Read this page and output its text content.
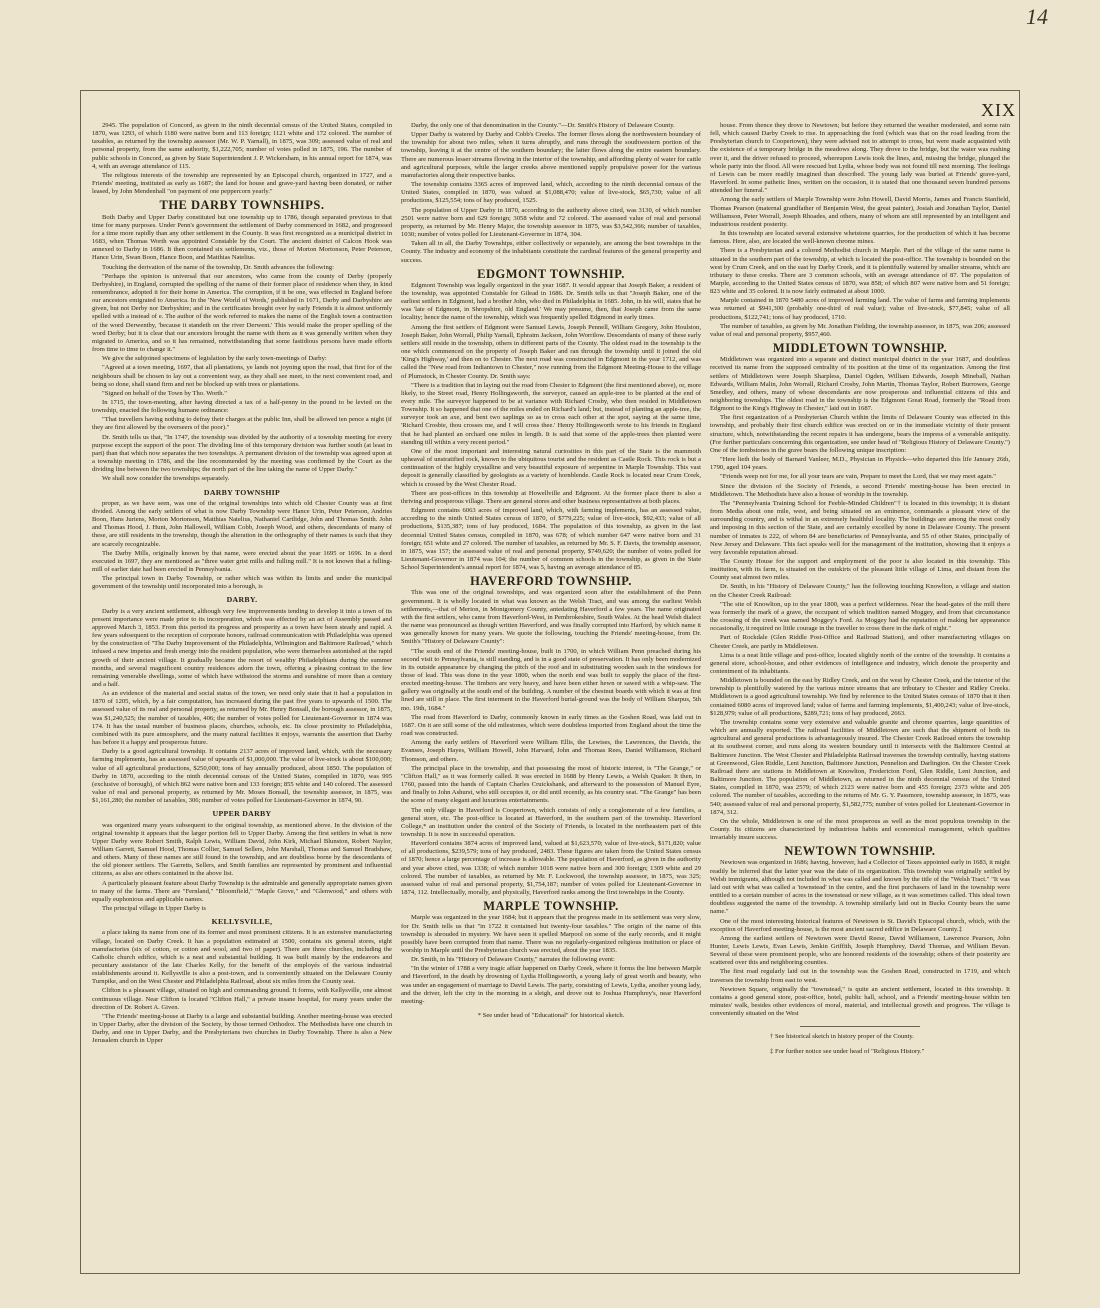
14
XIX

2945. The population of Concord, as given in the ninth decennial census of the United States, compiled in 1870, was 1293, of which 1180 were native born and 113 foreign; 1121 white and 172 colored. The number of taxables, as returned by the township assessor (Mr. W. P. Yarnall), in 1875, was 309; assessed value of real and personal property, from the same authority, $1,222,705; number of votes polled in 1875, 196. The number of public schools in Concord, as given by State Superintendent J. P. Wickersham, in his annual report for 1874, was 4, with an average attendance of 115.

The religious interests of the township are represented by an Episcopal church, organized in 1727, and a Friends' meeting, instituted as early as 1687; the land for house and grave-yard having been donated, or rather leased, by John Mendenhall "on payment of one peppercorn yearly."

THE DARBY TOWNSHIPS.

Both Darby and Upper Darby constituted but one township up to 1786, though separated previous to that time for many purposes. Under Penn's government the settlement of Darby commenced in 1682, and progressed for a time more rapidly than any other settlement in the County. It was first recognized as a municipal district in 1683, when Thomas Worth was appointed Constable by the Court. The ancient district of Calcon Hook was annexed to Darby in 1686. It then contained six settlements, viz., those of Morton Mortonson, Peter Peterson, Hance Urin, Swan Boon, Hance Boon, and Matthias Natelius.

Touching the derivation of the name of the township, Dr. Smith advances the following:

"Perhaps the opinion is universal that our ancestors, who came from the county of Derby (properly Derbyshire), in England, corrupted the spelling of the name of their former place of residence when they, in kind remembrance, adopted it for their home in America. The corruption, if it be one, was effected in England before our ancestors emigrated to America. In the 'New World of Words,' published in 1671, Darby and Darbyshire are given, but not Derby nor Derbyshire; and in the certificates brought over by early Friends it is almost uniformly spelled with a instead of e. The author of the work referred to makes the name of the English town a contraction of the word Derwentby, 'because it standeth on the river Derwent.' This would make the proper spelling of the word Derby; but it is clear that our ancestors brought the name with them as it was generally written when they migrated to America, and so it has remained, notwithstanding that some fastidious persons have made efforts from time to time to change it."

We give the subjoined specimens of legislation by the early town-meetings of Darby:

"Agreed at a town meeting, 1697, that all plantations, ye lands not joyning upon the road, that first for of the neighbours shall be chosen to lay out a convenient way, as they shall see meet, to the next convenient road, and being so done, shall stand firm and not be blocked up with trees or plantations.

"Signed on behalf of the Town by Tho. Worth."

In 1715, the town-meeting, after having directed a tax of a half-penny in the pound to be levied on the township, enacted the following humane ordinance:

"That travellers having nothing to defray their charges at the public Inn, shall be allowed ten pence a night (if they are first allowed by the overseers of the poor)."

Dr. Smith tells us that, "In 1747, the township was divided by the authority of a township meeting for every purpose except the support of the poor. The dividing line of this temporary division was further south (at least in part) than that which now separates the two townships. A permanent division of the township was agreed upon at a township meeting in 1786, and the line recommended by the meeting was confirmed by the Court as the dividing line between the two townships; the north part of the line taking the name of Upper Darby."

We shall now consider the townships separately.

DARBY TOWNSHIP

proper, as we have seen, was one of the original townships into which old Chester County was at first divided. Among the early settlers of what is now Darby Township were Hance Urin, Peter Peterson, Andries Boon, Hans Juriens, Morton Mortonson, Matthias Natelius, Nathaniel Cartlidge, John and Thomas Smith. John and Thomas Hood, J. Hunt, John Hallowell, William Cobb, Joseph Wood, and others, descendants of many of these, are still residents in the township, though the alteration in the orthography of their names is such that they are scarcely recognizable.

The Darby Mills, originally known by that name, were erected about the year 1695 or 1696. In a deed executed in 1697, they are mentioned as "three water grist mills and fulling mill." It is not known that a fulling-mill of earlier date had been erected in Pennsylvania.

The principal town in Darby Township, or rather which was within its limits and under the municipal government of the township until incorporated into a borough, is

DARBY.

Darby is a very ancient settlement, although very few improvements tending to develop it into a town of its present importance were made prior to its incorporation, which was effected by an act of Assembly passed and approved March 3, 1853. From this period its progress and prosperity as a town have been steady and rapid. A few years subsequent to the reception of corporate honors, railroad communication with Philadelphia was opened by the construction of "The Darby Improvement of the Philadelphia, Wilmington and Baltimore Railroad," which infused a new impetus and fresh energy into the resident population, who were themselves astonished at the rapid growth of their ancient village. It gradually became the resort of wealthy Philadelphians during the summer months, and several magnificent country residences adorn the town, offering a pleasing contrast to the few remaining venerable dwellings, some of which have withstood the storms and sunshine of more than a century and a half.

As an evidence of the material and social status of the town, we need only state that it had a population in 1870 of 1205, which, by a fair computation, has increased during the past five years to upwards of 1500. The assessed value of its real and personal property, as returned by Mr. Henry Bonsall, the borough assessor, in 1875, was $1,240,525; the number of taxables, 406; the number of votes polled for Lieutenant-Governor in 1874 was 174. It has the usual number of business places, churches, schools, etc. Its close proximity to Philadelphia, combined with its pure atmosphere, and the many natural facilities it enjoys, warrants the assertion that Darby has before it a happy and prosperous future.

Darby is a good agricultural township. It contains 2137 acres of improved land, which, with the necessary farming implements, has an assessed value of upwards of $1,000,000. The value of live-stock is about $100,000; value of all agricultural productions, $250,000; tons of hay annually produced, about 1850. The population of Darby in 1870, according to the ninth decennial census of the United States, compiled in 1870, was 995 (exclusive of borough), of which 862 were native born and 133 foreign; 855 white and 140 colored. The assessed value of real and personal property, as returned by Mr. Moses Bonsall, the township assessor, in 1875, was $1,161,280; the number of taxables, 306; number of votes polled for Lieutenant-Governor in 1874, 90.

UPPER DARBY

was organized many years subsequent to the original township, as mentioned above. In the division of the original township it appears that the larger portion fell to Upper Darby. Among the first settlers in what is now Upper Darby were Robert Smith, Ralph Lewis, William David, John Kirk, Michael Blunston, Robert Naylor, William Garrett, Samuel Hood, Thomas Collier, Samuel Sellers, John Marshall, Thomas and Samuel Bradshaw, and others. Many of these names are still found in the township, and are doubtless borne by the descendants of the old pioneer settlers. The Garretts, Sellers, and Smith families are represented by prominent and influential citizens, as also are others contained in the above list.

A particularly pleasant feature about Darby Township is the admirable and generally appropriate names given to many of the farms. There are "Fernland," "Bloomfield," "Maple Grove," and "Glenwood," and others with equally euphonious and applicable names.

The principal village in Upper Darby is

KELLYSVILLE,

a place taking its name from one of its former and most prominent citizens. It is an extensive manufacturing village, located on Darby Creek. It has a population estimated at 1500, contains six general stores, eight manufactories (six of cotton, or cotton and wool, and two of paper). There are three churches, including the Catholic church edifice, which is a neat and substantial building. It was built mainly by the endeavors and pecuniary assistance of the late Charles Kelly, for the benefit of the employés of the various industrial establishments around it. Kellysville is also a post-town, and is conveniently situated on the Delaware County Turnpike, and on the West Chester and Philadelphia Railroad, about six miles from the County seat.

Clifton is a pleasant village, situated on high and commanding ground. It forms, with Kellysville, one almost continuous village. Near Clifton is located "Clifton Hall," a private insane hospital, for many years under the direction of Dr. Robert A. Given.

"The Friends' meeting-house at Darby is a large and substantial building. Another meeting-house was erected in Upper Darby, after the division of the Society, by those termed Orthodox. The Methodists have one church in Darby, and one in Upper Darby, and the Presbyterians two churches in Darby Township. There is also a New Jerusalem church in Upper

Darby, the only one of that denomination in the County."—Dr. Smith's History of Delaware County.

Upper Darby is watered by Darby and Cobb's Creeks. The former flows along the northwestern boundary of the township for about two miles, when it turns abruptly, and runs through the southwestern portion of the township, leaving it at the centre of the southern boundary; the latter flows along the entire eastern boundary. There are numerous lesser streams flowing in the interior of the township, and affording plenty of water for cattle and agricultural purposes, while the larger creeks above mentioned supply propulsive power for the various manufactories along their respective banks.

The township contains 3365 acres of improved land, which, according to the ninth decennial census of the United States, compiled in 1870, was valued at $1,088,470; value of live-stock, $65,730; value of all productions, $125,554; tons of hay produced, 1525.

The population of Upper Darby in 1870, according to the authority above cited, was 3130, of which number 2501 were native born and 629 foreign; 3058 white and 72 colored. The assessed value of real and personal property, as returned by Mr. Henry Major, the township assessor in 1875, was $3,542,366; number of taxables, 1030; number of votes polled for Lieutenant-Governor in 1874, 304.

Taken all in all, the Darby Townships, either collectively or separately, are among the best townships in the County. The industry and economy of the inhabitants constitute the cardinal features of the general prosperity and success.

EDGMONT TOWNSHIP.

Edgmont Township was legally organized in the year 1687. It would appear that Joseph Baker, a resident of the township, was appointed Constable for Gilead in 1686. Dr. Smith tells us that "Joseph Baker, one of the earliest settlers in Edgmont, had a brother John, who died in Philadelphia in 1685. John, in his will, states that he was 'late of Edgmont, in Shropshire, old England.' We may presume, then, that Joseph came from the same locality; hence the name of the township, which was frequently spelled Edgmond in early times.

Among the first settlers of Edgmont were Samuel Lewis, Joseph Pennell, William Gregory, John Houlston, Joseph Baker, John Worrall, Philip Yarnall, Ephraim Jackson, John Worrilow. Descendants of many of these early settlers still reside in the township, others in different parts of the County. The oldest road in the township is the one which commenced on the property of Joseph Baker and ran through the township until it joined the old 'King's Highway,' and then on to Chester. The next road was constructed in Edgmont in the year 1712, and was called the "New road from Indiantown to Chester," now running from the Edgmont Meeting-House to the village of Plumstock, in Chester County. Dr. Smith says:

"There is a tradition that in laying out the road from Chester to Edgmont (the first mentioned above), or, more likely, to the Street road, Henry Hollingsworth, the surveyor, caused an apple-tree to be planted at the end of every mile. The surveyor happened to be at variance with Richard Crosby, who then resided in Middletown Township. It so happened that one of the miles ended on Richard's land; but, instead of planting an apple-tree, the surveyor took an axe, and bent two saplings so as to cross each other at the spot, saying at the same time, 'Richard Crosbie, thou crosses me, and I will cross thee.' Henry Hollingsworth wrote to his friends in England that he had planted an orchard one miles in length. It is said that some of the apple-trees then planted were standing till within a very recent period."

One of the most important and interesting natural curiosities in this part of the State is the mammoth upheaval of unstratified rock, known to the ubiquitous tourist and the resident as Castle Rock. This rock is but a continuation of the highly crystalline and very beautiful exposure of serpentine in Marple Township. This vast deposit is generally classified by geologists as a variety of hornblende. Castle Rock is located near Crum Creek, which is crossed by the West Chester Road.

There are post-offices in this township at Howellville and Edgmont. At the former place there is also a thriving and prosperous village. There are general stores and other business representatives at both places.

Edgmont contains 6063 acres of improved land, which, with farming implements, has an assessed value, according to the ninth United States census of 1870, of $779,225; value of live-stock, $92,433; value of all productions, $135,387; tons of hay produced, 1684. The population of this township, as given in the last decennial United States census, compiled in 1870, was 678; of which number 647 were native born and 31 foreign; 651 white and 27 colored. The number of taxables, as returned by Mr. S. F. Davis, the township assessor, in 1875, was 157; the assessed value of real and personal property, $749,620; the number of votes polled for Lieutenant-Governor in 1874 was 104; the number of common schools in the township, as given in the State School Superintendent's annual report for 1874, was 5, having an average attendance of 85.

HAVERFORD TOWNSHIP.

This was one of the original townships, and was organized soon after the establishment of the Penn government. It is wholly located in what was known as the Welsh Tract, and was among the earliest Welsh settlements,—that of Merion, in Montgomery County, antedating Haverford a few years. The name originated with the first settlers, who came from Haverford-West, in Pembrokeshire, South Wales. At the head Welsh dialect the name was pronounced as though written Haverford, and was finally corrupted into Harford, by which name it was generally known for many years. We quote the following, touching the Friends' meeting-house, from Dr. Smith's "History of Delaware County":

"The south end of the Friends' meeting-house, built in 1700, in which William Penn preached during his second visit to Pennsylvania, is still standing, and is in a good state of preservation. It has only been modernized in its outside appearance by changing the pitch of the roof and in substituting wooden sash in the windows for those of lead. This was done in the year 1800, when the north end was built to supply the place of the first-erected meeting-house. The timbers are very heavy, and have been either hewn or sawed with a whip-saw. The gallery was originally at the south end of the building. A number of the chestnut boards with which it was at first lined are still in place. The first interment in the Haverford burial-ground was the body of William Sharpus, 5th mo. 19th, 1684."

The road from Haverford to Darby, commonly known in early times as the Goshen Road, was laid out in 1687. On it are still some of the old milestones, which were doubtless imported from England about the time the road was constructed.

Among the early settlers of Haverford were William Ellis, the Lewises, the Lawrences, the Davids, the Evanses, Joseph Hayes, William Howell, John Harvard, John and Thomas Rees, Daniel Williamson, Richard Thomson, and others.

The principal place in the township, and that possessing the most of historic interest, is "The Grange," or "Clifton Hall," as it was formerly called. It was erected in 1688 by Henry Lewis, a Welsh Quaker. It then, in 1760, passed into the hands of Captain Charles Cruickshank, and afterward to the possession of Manuel Eyre, and finally to John Ashurst, who still occupies it, or did until recently, as his country seat. "The Grange" has been the scene of many elegant and luxurious entertainments.

The only village in Haverford is Coopertown, which consists of only a conglomerate of a few families, a general store, etc. The post-office is located at Haverford, in the southern part of the township. Haverford College,* an institution under the control of the Society of Friends, is located in the northeastern part of this township. It is now in successful operation.

Haverford contains 3874 acres of improved land, valued at $1,623,570; value of live-stock, $171,820; value of all productions, $239,579; tons of hay produced, 2483. These figures are taken from the United States census of 1870; hence a large percentage of increase is allowable. The population of Haverford, as given in the authority and year above cited, was 1338; of which number 1018 were native born and 300 foreign; 1309 white and 29 colored. The number of taxables, as returned by Mr. F. Lockwood, the township assessor, in 1875, was 325; assessed value of real and personal property, $1,754,187; number of votes polled for Lieutenant-Governor in 1874, 112. Intellectually, morally, and physically, Haverford ranks among the first townships in the County.

MARPLE TOWNSHIP.

Marple was organized in the year 1684; but it appears that the progress made in its settlement was very slow, for Dr. Smith tells us that "in 1722 it contained but twenty-four taxables." The origin of the name of this township is shrouded in mystery. We have seen it spelled Marpool on some of the early records, and it might possibly have been corrupted from that name. There was no regularly-organized religious institution or place of worship in Marple until the Presbyterian church was erected, about the year 1835.

Dr. Smith, in his "History of Delaware County," narrates the following event:

"In the winter of 1788 a very tragic affair happened on Darby Creek, where it forms the line between Marple and Haverford, in the death by drowning of Lydia Hollingsworth, a young lady of great worth and beauty, who was under an engagement of marriage to David Lewis. The party, consisting of Lewis, Lydia, another young lady, and the driver, left the city in the morning in a sleigh, and drove out to Joshua Humphrey's, near Haverford meeting-

* See under head of "Educational" for historical sketch.

house. From thence they drove to Newtown; but before they returned the weather moderated, and some rain fell, which caused Darby Creek to rise. In approaching the ford (which was that on the road leading from the Presbyterian church to Coopertown), they were advised not to attempt to cross, but were made acquainted with the existence of a temporary bridge in the meadows along. They drove to the bridge, but the water was rushing over it, and the driver refused to proceed, whereupon Lewis took the lines, and, missing the bridge, plunged the whole party into the flood. All were rescued but Lydia, whose body was not found till next morning. The feelings of Lewis can be more readily imagined than described. The young lady was buried at Friends' grave-yard, Haverford. In some pathetic lines, written on the occasion, it is stated that one thousand seven hundred persons attended her funeral."

Among the early settlers of Marple Township were John Howell, David Morris, James and Francis Stanfield, Thomas Pearson (maternal grandfather of Benjamin West, the great painter), Josiah and Jonathan Taylor, Daniel Williamson, Peter Worrall, Joseph Rhoades, and others, many of whom are still represented by an intelligent and industrious resident posterity.

In this township are located several extensive whetstone quarries, for the production of which it has become famous. Here, also, are located the well-known chrome mines.

There is a Presbyterian and a colored Methodist church in Marple. Part of the village of the same name is situated in the southern part of the township, at which is located the post-office. The township is bounded on the west by Crum Creek, and on the east by Darby Creek, and it is plentifully watered by smaller streams, which are tributary to these creeks. There are 3 common schools, with an average attendance of 87. The population of Marple, according to the United States census of 1870, was 858; of which 807 were native born and 51 foreign; 823 white and 35 colored. It is now fairly estimated at about 1000.

Marple contained in 1870 5480 acres of improved farming land. The value of farms and farming implements was returned at $941,300 (probably one-third of real value); value of live-stock, $77,845; value of all productions, $122,741; tons of hay produced, 1710.

The number of taxables, as given by Mr. Jonathan Fielding, the township assessor, in 1875, was 206; assessed value of real and personal property, $957,460.

MIDDLETOWN TOWNSHIP.

Middletown was organized into a separate and distinct municipal district in the year 1687, and doubtless received its name from the supposed centrality of its position at the time of its organization. Among the first settlers of Middletown were Joseph Sharpless, Daniel Ogden, William Edwards, Joseph Mineball, Nathan Edwards, William Malin, John Worrall, Richard Crosby, John Martin, Thomas Taylor, Robert Burrowes, George Smedley, and others, many of whose descendants are now prosperous and influential citizens of this and neighboring townships. The oldest road in the township is the Edgmont Great Road, formerly the "Road from Edgmont to the King's Highway in Chester," laid out in 1687.

The first organization of a Presbyterian Church within the limits of Delaware County was effected in this township, and probably their first church edifice was erected on or in the immediate vicinity of their present structure, which, notwithstanding the recent repairs it has undergone, bears the impress of a venerable antiquity. (For further particulars concerning this organization, see under head of "Religious History of Delaware County.") One of the tombstones in the grave bears the following unique inscription:

"Here lieth the body of Barnard Vanleer, M.D., Physician in Physick—who departed this life January 26th, 1790, aged 104 years.

"Friends weep not for me, for all your tears are vain, Prepare to meet the Lord, that we may meet again."

Since the division of the Society of Friends, a second Friends' meeting-house has been erected in Middletown. The Methodists have also a house of worship in the township.

The "Pennsylvania Training School for Feeble-Minded Children"† is located in this township; it is distant from Media about one mile, west, and being situated on an eminence, commands a pleasant view of the surrounding country, and is withal in an extremely healthful locality. The buildings are among the most costly and imposing in this section of the State, and are certainly excelled by none in Delaware County. The present number of inmates is 222, of whom 84 are beneficiaries of Pennsylvania, and 55 of other States, principally of New Jersey and Delaware. This fact speaks well for the management of the institution, showing that it enjoys a very favorable reputation abroad.

The County House for the support and employment of the poor is also located in this township. This institution, with its farm, is situated on the outskirts of the pleasant little village of Lima, and distant from the County seat almost two miles.

Dr. Smith, in his "History of Delaware County," has the following touching Knowlton, a village and station on the Chester Creek Railroad:

"The site of Knowlton, up to the year 1800, was a perfect wilderness. Near the head-gates of the mill there was formerly the mark of a grave, the occupant of which tradition named Moggey, and from that circumstance the crossing of the creek was named Moggey's Ford. As Moggey had the reputation of making her appearance occasionally, it required no little courage in the traveller to cross there in the dark of night."

Part of Rockdale (Glen Riddle Post-Office and Railroad Station), and other manufacturing villages on Chester Creek, are partly in Middletown.

Lima is a neat little village and post-office, located slightly north of the centre of the township. It contains a general store, school-house, and other evidences of intelligence and industry, which denote the prosperity and contentment of its inhabitants.

Middletown is bounded on the east by Ridley Creek, and on the west by Chester Creek, and the interior of the township is plentifully watered by the various minor streams that are tributary to Chester and Ridley Creeks. Middletown is a good agricultural township. We find by reference to the United States census of 1870 that it then contained 6080 acres of improved land; value of farms and farming implements, $1,400,243; value of live-stock, $128,979; value of all productions, $289,721; tons of hay produced, 2663.

The township contains some very extensive and valuable granite and chrome quarries, large quantities of which are annually exported. The railroad facilities of Middletown are such that the shipment of both its agricultural and general productions is advantageously insured. The Chester Creek Railroad enters the township at its southwest corner, and runs along its western boundary until it intersects with the Baltimore Central at Baltimore Junction. The West Chester and Philadelphia Railroad traverses the township centrally, having stations at Greenwood, Glen Riddle, Leni Junction, Baltimore Junction, Pennelton and Darlington. On the Chester Creek Railroad there are stations in Middletown at Knowlton, Fredericton Ford, Glen Riddle, Leni Junction, and Baltimore Junction. The population of Middletown, as returned in the ninth decennial census of the United States, compiled in 1870, was 2579; of which 2123 were native born and 455 foreign; 2373 white and 205 colored. The number of taxables, according to the returns of Mr. G. Y. Passmore, township assessor, in 1875, was 540; assessed value of real and personal property, $1,582,775; number of votes polled for Lieutenant-Governor in 1874, 312.

On the whole, Middletown is one of the most prosperous as well as the most populous township in the County. Its citizens are characterized by industrious habits and economical management, which qualities invariably insure success.

NEWTOWN TOWNSHIP.

Newtown was organized in 1686; having, however, had a Collector of Taxes appointed early in 1683, it might readily be inferred that the latter year was the date of its organization. This township was originally settled by Welsh immigrants, although not included in what was called and known by the title of the "Welsh Tract." "It was laid out with what was called a 'townstead' in the centre, and the first purchasers of land in the township were entitled to a certain number of acres in the townstead or new village, as it was sometimes called. This ideal town doubtless suggested the name of the township. A township similarly laid out in Bucks County bears the same name."

One of the most interesting historical features of Newtown is St. David's Episcopal church, which, with the exception of Haverford meeting-house, is the most ancient sacred edifice in Delaware County.‡

Among the earliest settlers of Newtown were David Reese, David Williamson, Lawrence Pearson, John Hunter, Lewis Lewis, Evan Lewis, Jenkin Griffith, Joseph Humphrey, David Thomas, and William Bevan. Several of these were prominent people, who are honored residents of the township; others of their posterity are scattered over this and neighboring counties.

The first road regularly laid out in the township was the Goshen Road, constructed in 1719, and which traverses the township from east to west.

Newtown Square, originally the "townstead," is quite an ancient settlement, located in this township. It contains a good general store, post-office, hotel, public hall, school, and a Friends' meeting-house within ten minutes' walk, besides other evidences of moral, material, and intellectual growth and progress. The village is conveniently situated on the West

† See historical sketch in history proper of the County.
‡ For further notice see under head of "Religious History."
